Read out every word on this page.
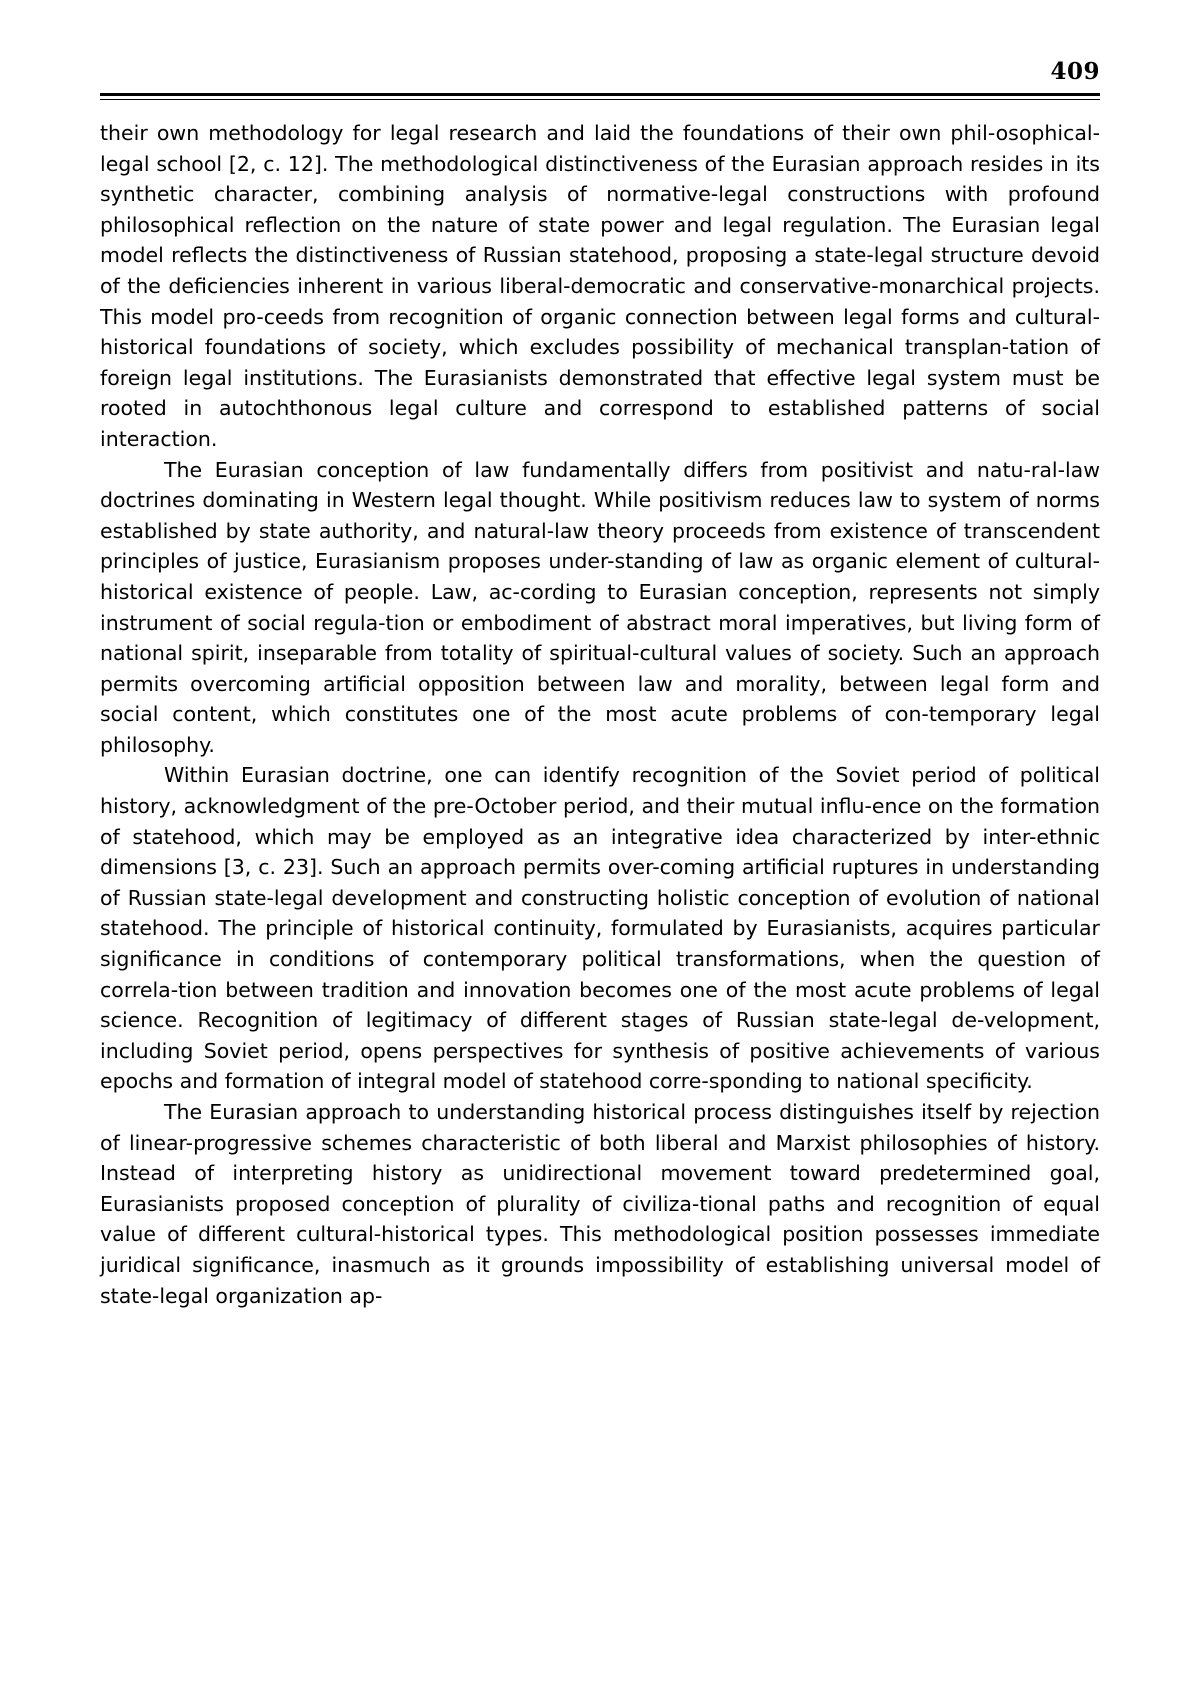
409

their own methodology for legal research and laid the foundations of their own phil-osophical-legal school [2, c. 12]. The methodological distinctiveness of the Eurasian approach resides in its synthetic character, combining analysis of normative-legal constructions with profound philosophical reflection on the nature of state power and legal regulation. The Eurasian legal model reflects the distinctiveness of Russian statehood, proposing a state-legal structure devoid of the deficiencies inherent in various liberal-democratic and conservative-monarchical projects. This model pro-ceeds from recognition of organic connection between legal forms and cultural-historical foundations of society, which excludes possibility of mechanical transplan-tation of foreign legal institutions. The Eurasianists demonstrated that effective legal system must be rooted in autochthonous legal culture and correspond to established patterns of social interaction.

The Eurasian conception of law fundamentally differs from positivist and natu-ral-law doctrines dominating in Western legal thought. While positivism reduces law to system of norms established by state authority, and natural-law theory proceeds from existence of transcendent principles of justice, Eurasianism proposes under-standing of law as organic element of cultural-historical existence of people. Law, ac-cording to Eurasian conception, represents not simply instrument of social regula-tion or embodiment of abstract moral imperatives, but living form of national spirit, inseparable from totality of spiritual-cultural values of society. Such an approach permits overcoming artificial opposition between law and morality, between legal form and social content, which constitutes one of the most acute problems of con-temporary legal philosophy.

Within Eurasian doctrine, one can identify recognition of the Soviet period of political history, acknowledgment of the pre-October period, and their mutual influ-ence on the formation of statehood, which may be employed as an integrative idea characterized by inter-ethnic dimensions [3, c. 23]. Such an approach permits over-coming artificial ruptures in understanding of Russian state-legal development and constructing holistic conception of evolution of national statehood. The principle of historical continuity, formulated by Eurasianists, acquires particular significance in conditions of contemporary political transformations, when the question of correla-tion between tradition and innovation becomes one of the most acute problems of legal science. Recognition of legitimacy of different stages of Russian state-legal de-velopment, including Soviet period, opens perspectives for synthesis of positive achievements of various epochs and formation of integral model of statehood corre-sponding to national specificity.

The Eurasian approach to understanding historical process distinguishes itself by rejection of linear-progressive schemes characteristic of both liberal and Marxist philosophies of history. Instead of interpreting history as unidirectional movement toward predetermined goal, Eurasianists proposed conception of plurality of civiliza-tional paths and recognition of equal value of different cultural-historical types. This methodological position possesses immediate juridical significance, inasmuch as it grounds impossibility of establishing universal model of state-legal organization ap-
